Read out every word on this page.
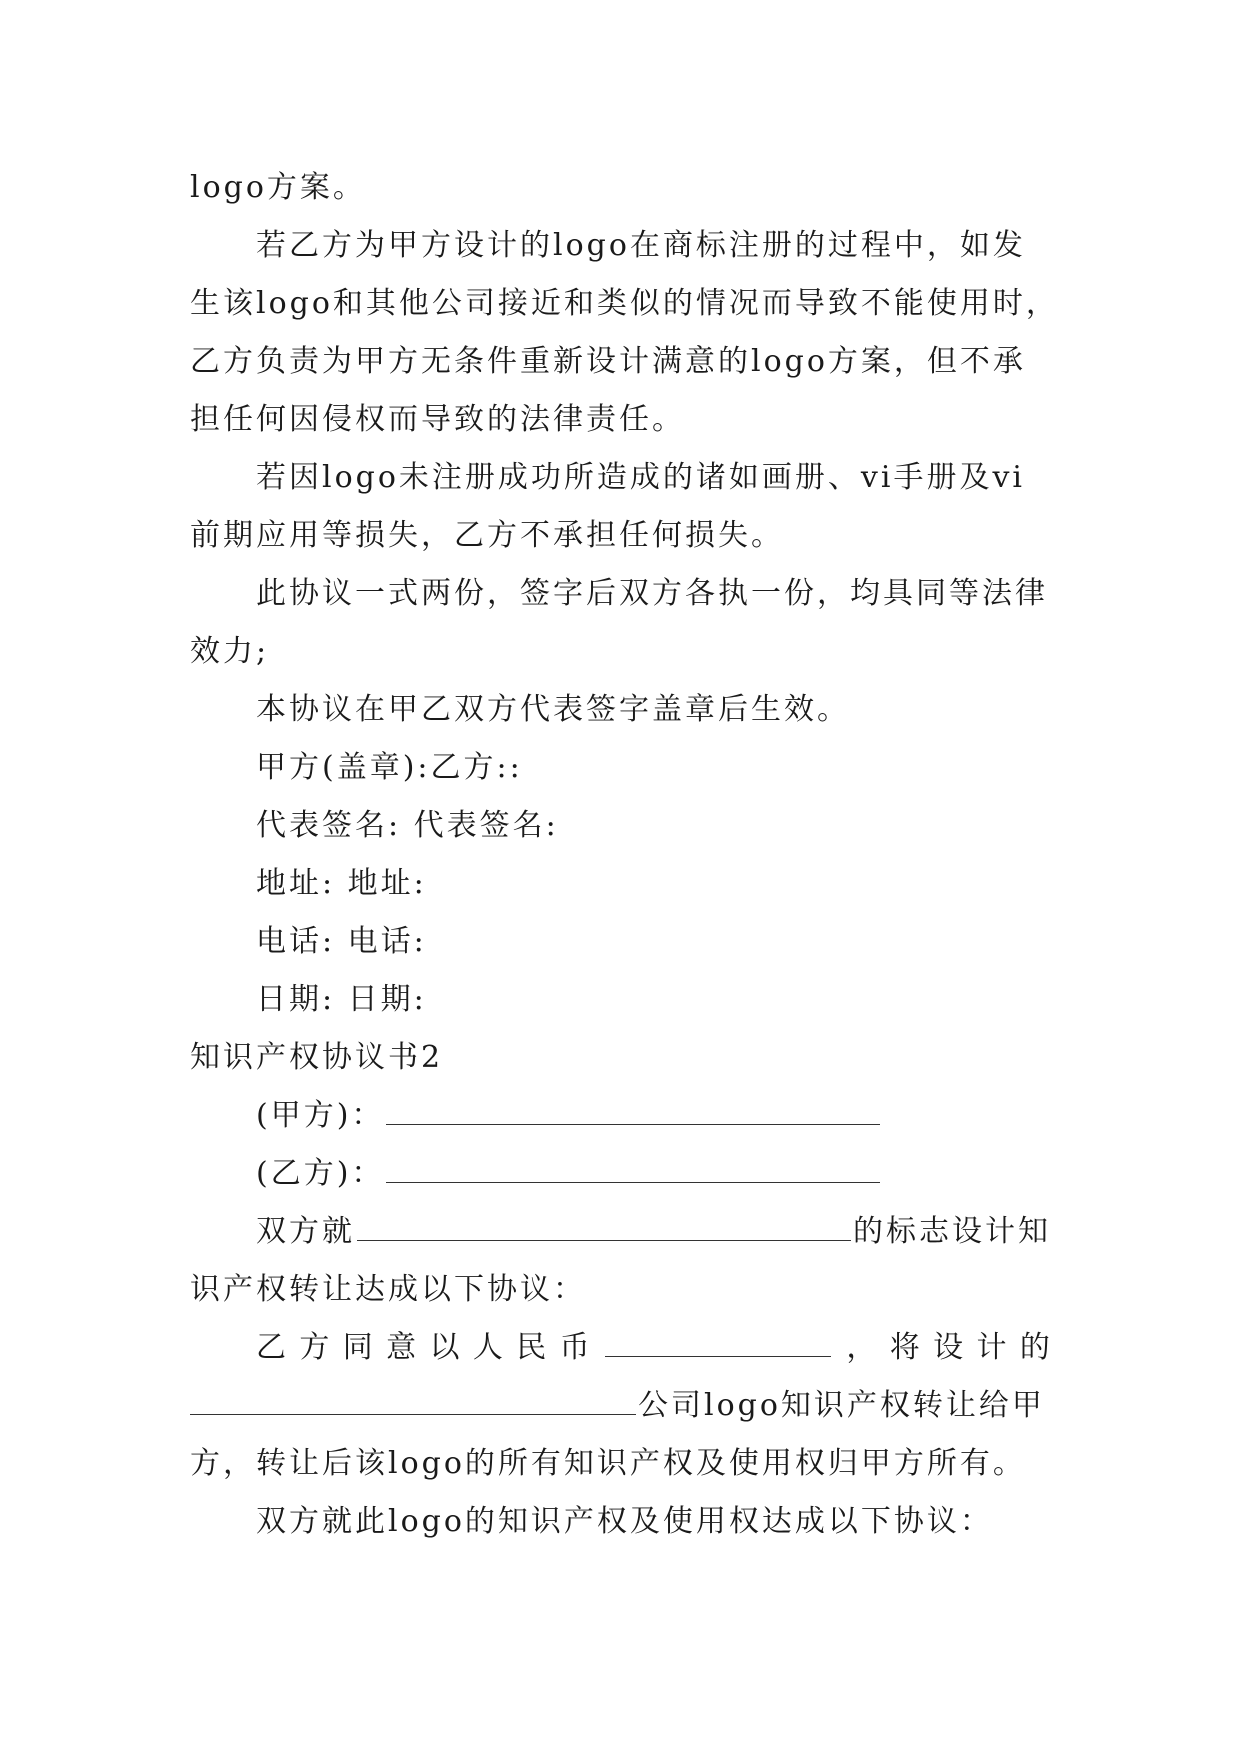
logo方案。
若乙方为甲方设计的logo在商标注册的过程中，如发
生该logo和其他公司接近和类似的情况而导致不能使用时，
乙方负责为甲方无条件重新设计满意的logo方案，但不承
担任何因侵权而导致的法律责任。
若因logo未注册成功所造成的诸如画册、vi手册及vi
前期应用等损失，乙方不承担任何损失。
此协议一式两份，签字后双方各执一份，均具同等法律
效力;
本协议在甲乙双方代表签字盖章后生效。
甲方(盖章):乙方::
代表签名: 代表签名:
地址: 地址:
电话: 电话:
日期: 日期:
知识产权协议书2
(甲方)：
(乙方)：
双方就	的标志设计知
识产权转让达成以下协议：
乙 方 同 意 以 人 民 币	， 将 设 计 的
公司logo知识产权转让给甲
方，转让后该logo的所有知识产权及使用权归甲方所有。
双方就此logo的知识产权及使用权达成以下协议：
